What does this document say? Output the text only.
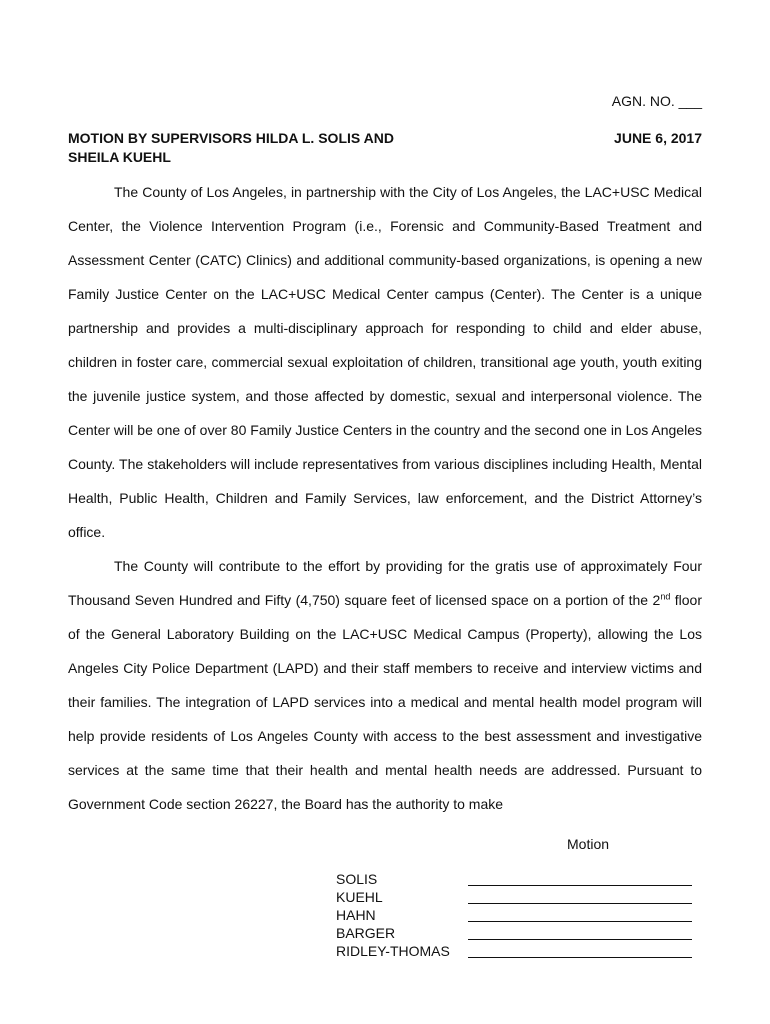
AGN. NO. ___
MOTION BY SUPERVISORS HILDA L. SOLIS AND SHEILA KUEHL
JUNE 6, 2017

The County of Los Angeles, in partnership with the City of Los Angeles, the LAC+USC Medical Center, the Violence Intervention Program (i.e., Forensic and Community-Based Treatment and Assessment Center (CATC) Clinics) and additional community-based organizations, is opening a new Family Justice Center on the LAC+USC Medical Center campus (Center). The Center is a unique partnership and provides a multi-disciplinary approach for responding to child and elder abuse, children in foster care, commercial sexual exploitation of children, transitional age youth, youth exiting the juvenile justice system, and those affected by domestic, sexual and interpersonal violence. The Center will be one of over 80 Family Justice Centers in the country and the second one in Los Angeles County. The stakeholders will include representatives from various disciplines including Health, Mental Health, Public Health, Children and Family Services, law enforcement, and the District Attorney’s office.

The County will contribute to the effort by providing for the gratis use of approximately Four Thousand Seven Hundred and Fifty (4,750) square feet of licensed space on a portion of the 2nd floor of the General Laboratory Building on the LAC+USC Medical Campus (Property), allowing the Los Angeles City Police Department (LAPD) and their staff members to receive and interview victims and their families. The integration of LAPD services into a medical and mental health model program will help provide residents of Los Angeles County with access to the best assessment and investigative services at the same time that their health and mental health needs are addressed. Pursuant to Government Code section 26227, the Board has the authority to make

Motion
SOLIS
KUEHL
HAHN
BARGER
RIDLEY-THOMAS
